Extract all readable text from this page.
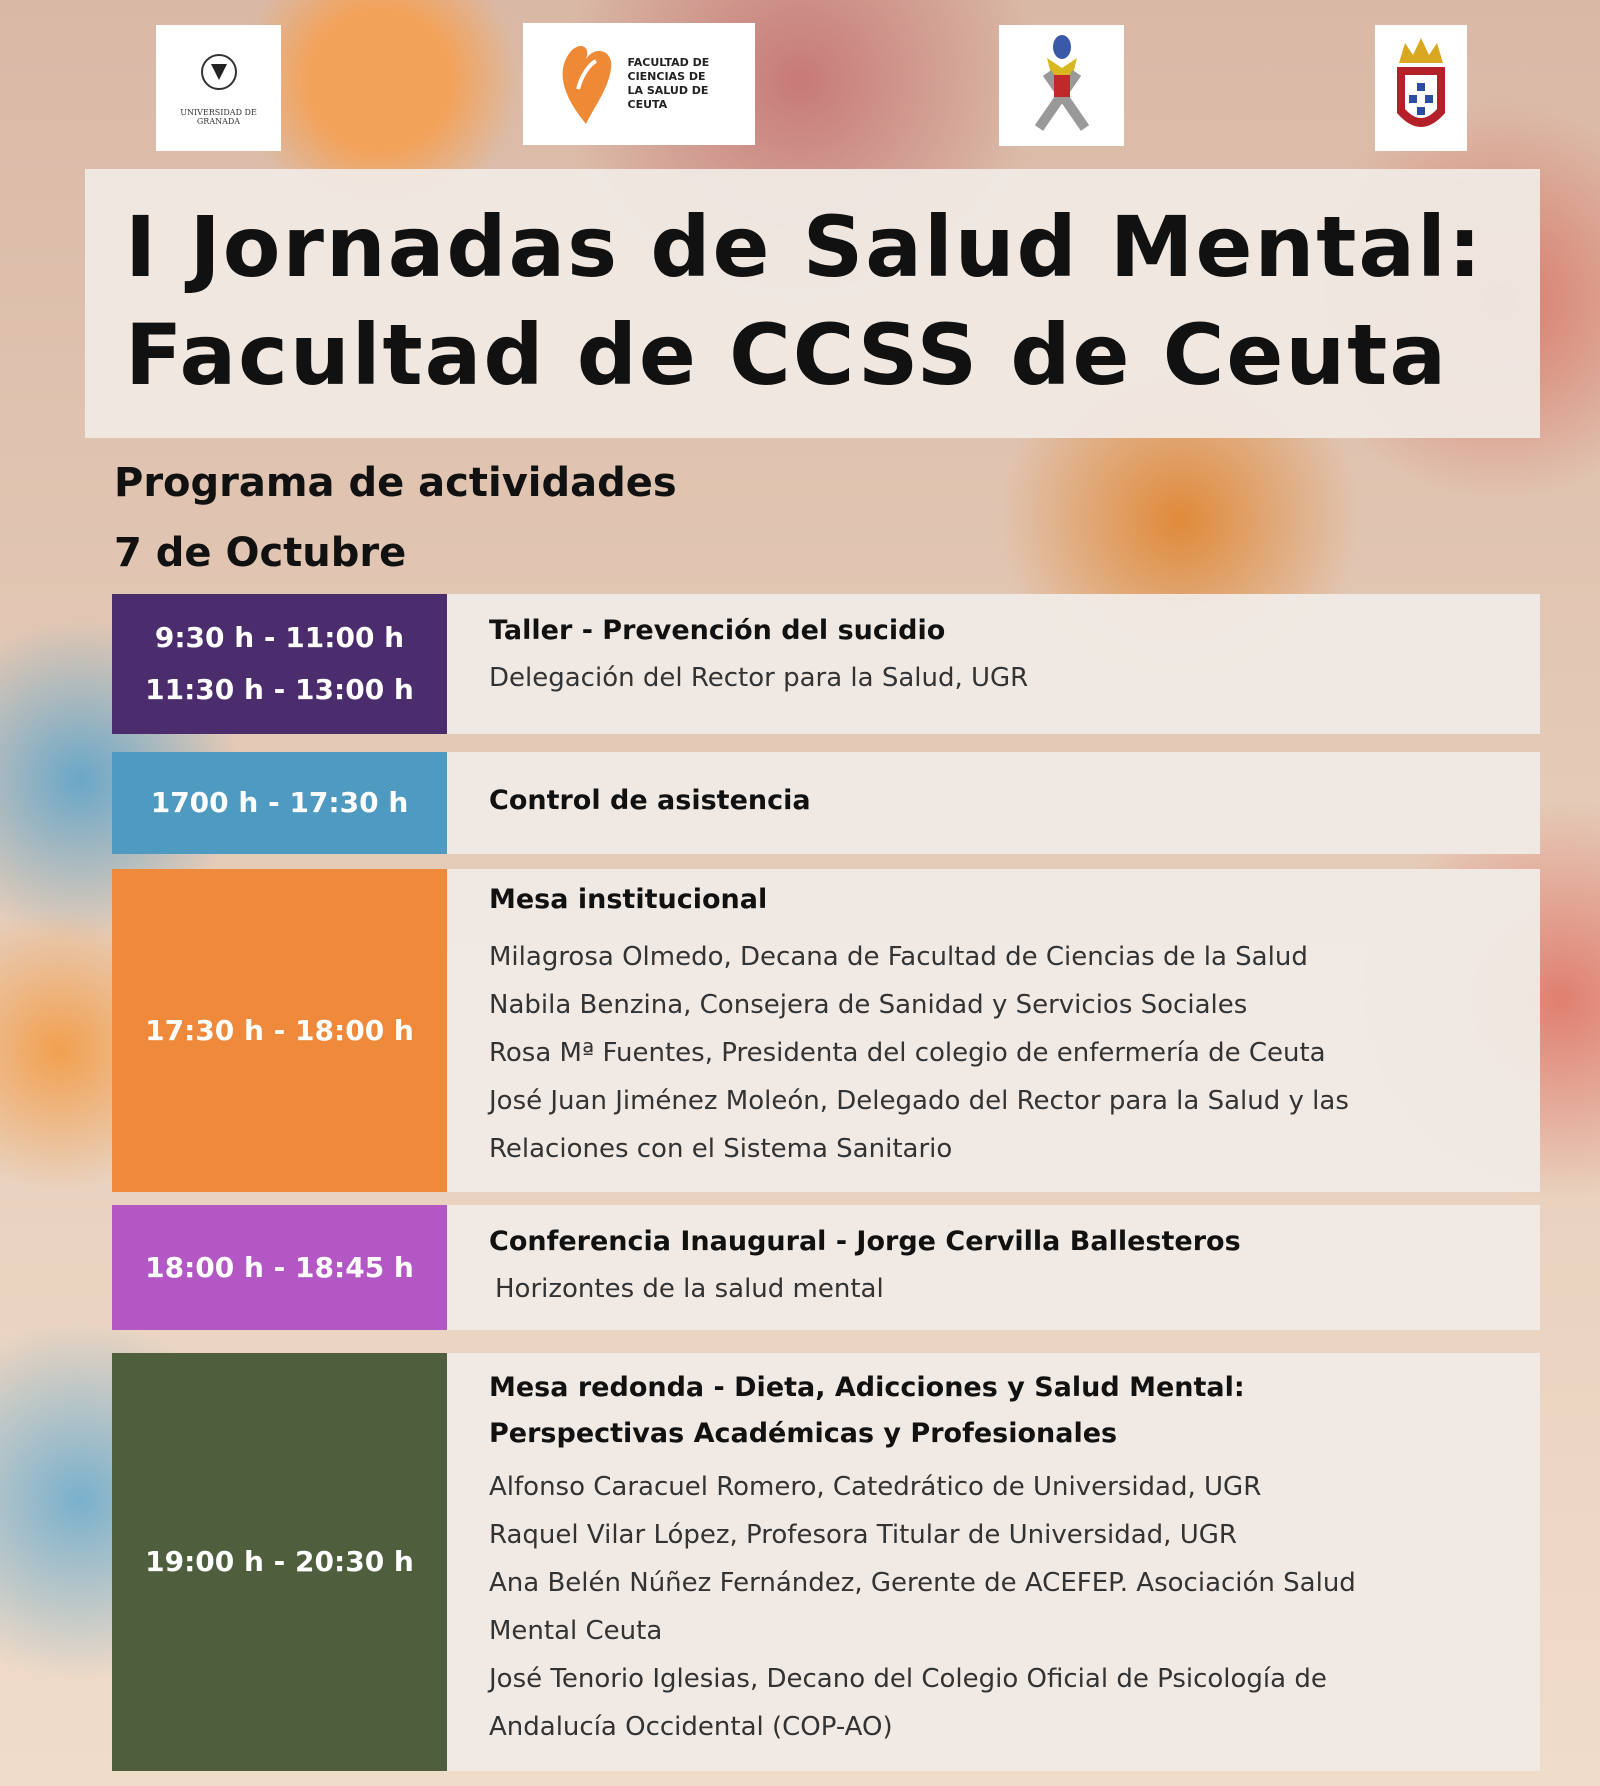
UNIVERSIDAD DE GRANADA
FACULTAD DE CIENCIAS DE LA SALUD DE CEUTA
I Jornadas de Salud Mental:
Facultad de CCSS de Ceuta
Programa de actividades
7 de Octubre
9:30 h - 11:00 h
11:30 h - 13:00 h
Taller - Prevención del sucidio
Delegación del Rector para la Salud, UGR
1700 h - 17:30 h	Control de asistencia
17:30 h - 18:00 h
Mesa institucional
Milagrosa Olmedo, Decana de Facultad de Ciencias de la Salud
Nabila Benzina, Consejera de Sanidad y Servicios Sociales
Rosa Mª Fuentes, Presidenta del colegio de enfermería de Ceuta
José Juan Jiménez Moleón, Delegado del Rector para la Salud y las
Relaciones con el Sistema Sanitario
18:00 h - 18:45 h
Conferencia Inaugural - Jorge Cervilla Ballesteros
Horizontes de la salud mental
19:00 h - 20:30 h
Mesa redonda - Dieta, Adicciones y Salud Mental:
Perspectivas Académicas y Profesionales
Alfonso Caracuel Romero, Catedrático de Universidad, UGR
Raquel Vilar López, Profesora Titular de Universidad, UGR
Ana Belén Núñez Fernández, Gerente de ACEFEP. Asociación Salud
Mental Ceuta
José Tenorio Iglesias, Decano del Colegio Oficial de Psicología de
Andalucía Occidental (COP-AO)
